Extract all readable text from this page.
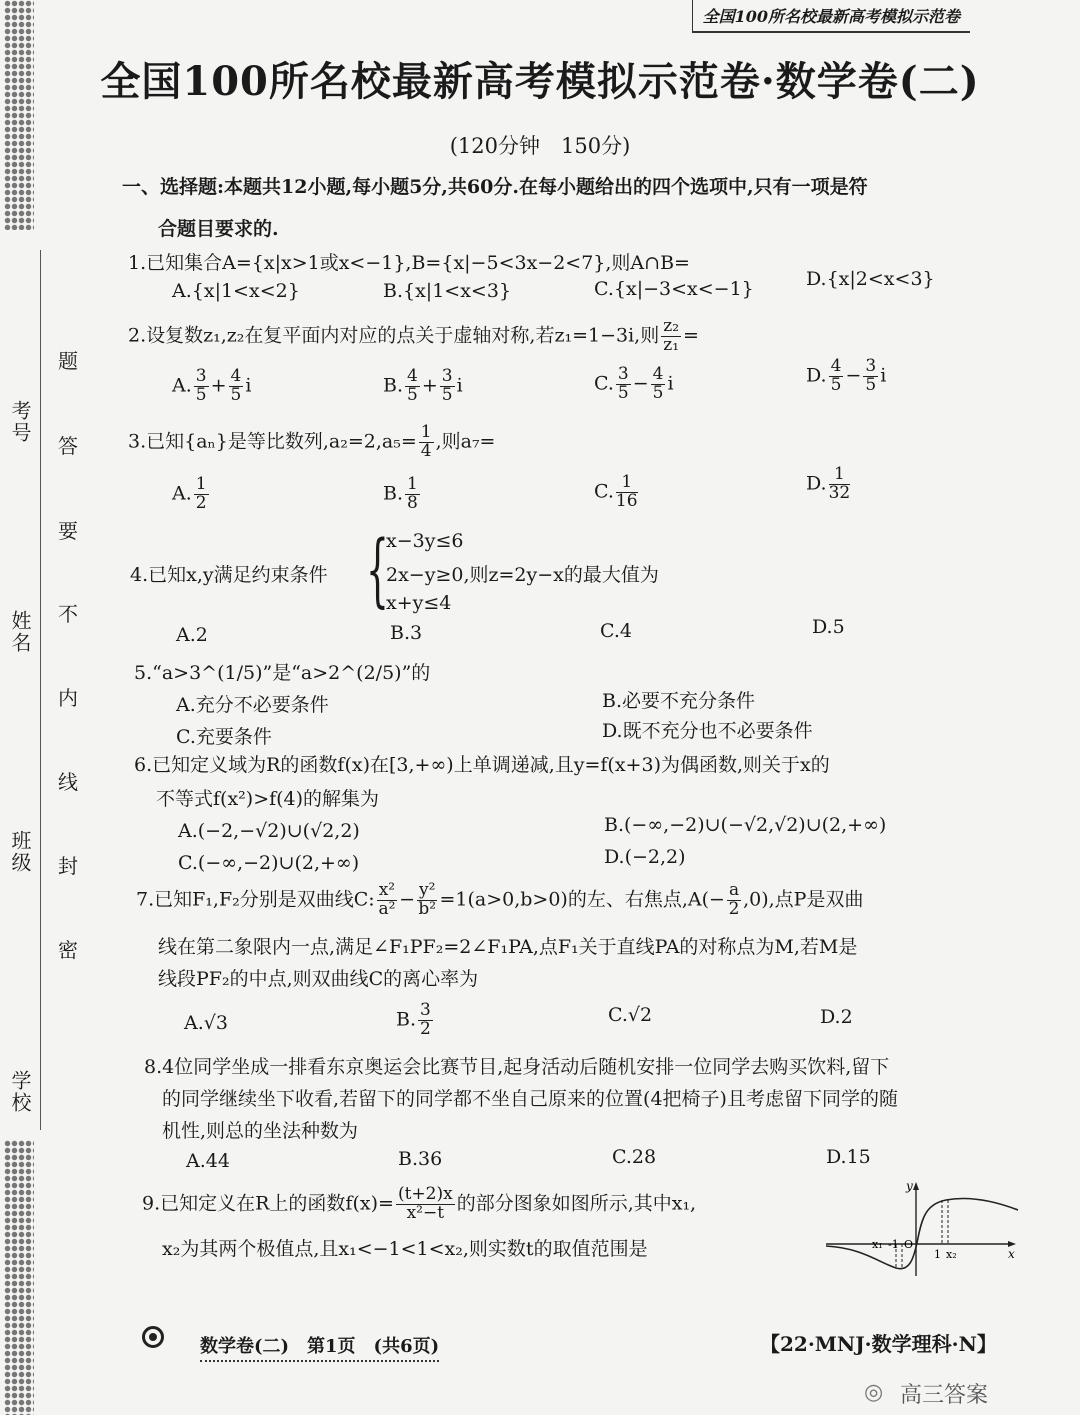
考号
姓名
班级
学校
题
答
要
不
内
线
封
密
全国100所名校最新高考模拟示范卷
全国100所名校最新高考模拟示范卷·数学卷(二)
(120分钟　150分)
一、选择题:本题共12小题,每小题5分,共60分.在每小题给出的四个选项中,只有一项是符
合题目要求的.
1.已知集合A={x|x>1或x<−1},B={x|−5<3x−2<7},则A∩B=
A.{x|1<x<2}	B.{x|1<x<3}	C.{x|−3<x<−1}	D.{x|2<x<3}
2.设复数z₁,z₂在复平面内对应的点关于虚轴对称,若z₁=1−3i,则 $\frac{\text{z₂}}{\text{z₁}}$ =
A. $\frac{3}{5} + \frac{4}{5}$ i	B. $\frac{4}{5} + \frac{3}{5}$ i	C. $\frac{3}{5} - \frac{4}{5}$ i	D. $\frac{4}{5} - \frac{3}{5}$ i
3.已知{aₙ}是等比数列$,a_2=2,a_5= \frac{1}{4}$ ,则a₇=
A. $\frac{1}{2}$	B. $\frac{1}{8}$	C. $\frac{1}{16}$	D. $\frac{1}{32}$
4.已知x,y满足约束条件 {
x−3y≤6
2x−y≥0,则z=2y−x的最大值为
x+y≤4
A.2	B.3	C.4	D.5
5.“a>3^(1/5)”是“a>2^(2/5)”的
A.充分不必要条件	B.必要不充分条件
C.充要条件	D.既不充分也不必要条件
6.已知定义域为R的函数f(x)在[3,+∞)上单调递减,且y=f(x+3)为偶函数,则关于x的
不等式f(x²)>f(4)的解集为
A.(−2,−√2)∪(√2,2)	B.(−∞,−2)∪(−√2,√2)∪(2,+∞)
C.(−∞,−2)∪(2,+∞)	D.(−2,2)
7.已知F₁,F₂分别是双曲线C: $\frac{\text{x²}}{\text{a²}} - \frac{\text{y²}}{\text{b²}} =1(a>0,b>0)$的左、右焦点$,A(- \frac{a}{2} ,0)$,点P是双曲
线在第二象限内一点,满足∠F₁PF₂=2∠F₁PA,点F₁关于直线PA的对称点为M,若M是
线段PF₂的中点,则双曲线C的离心率为
A.√3	B. $\frac{3}{2}$	C.√2	D.2
8.4位同学坐成一排看东京奥运会比赛节目,起身活动后随机安排一位同学去购买饮料,留下
的同学继续坐下收看,若留下的同学都不坐自己原来的位置(4把椅子)且考虑留下同学的随
机性,则总的坐法种数为
A.44	B.36	C.28	D.15
9.已知定义在R上的函数$f(x)= \frac{(t+2)x}{\text{x²−t}}$ 的部分图象如图所示,其中x₁,
x₂为其两个极值点,且x₁<−1<1<x₂,则实数t的取值范围是
y
x
x₁ -1 O
1 x₂
数学卷(二)　第1页　(共6页)	【22·MNJ·数学理科·N】
◎ 高三答案
